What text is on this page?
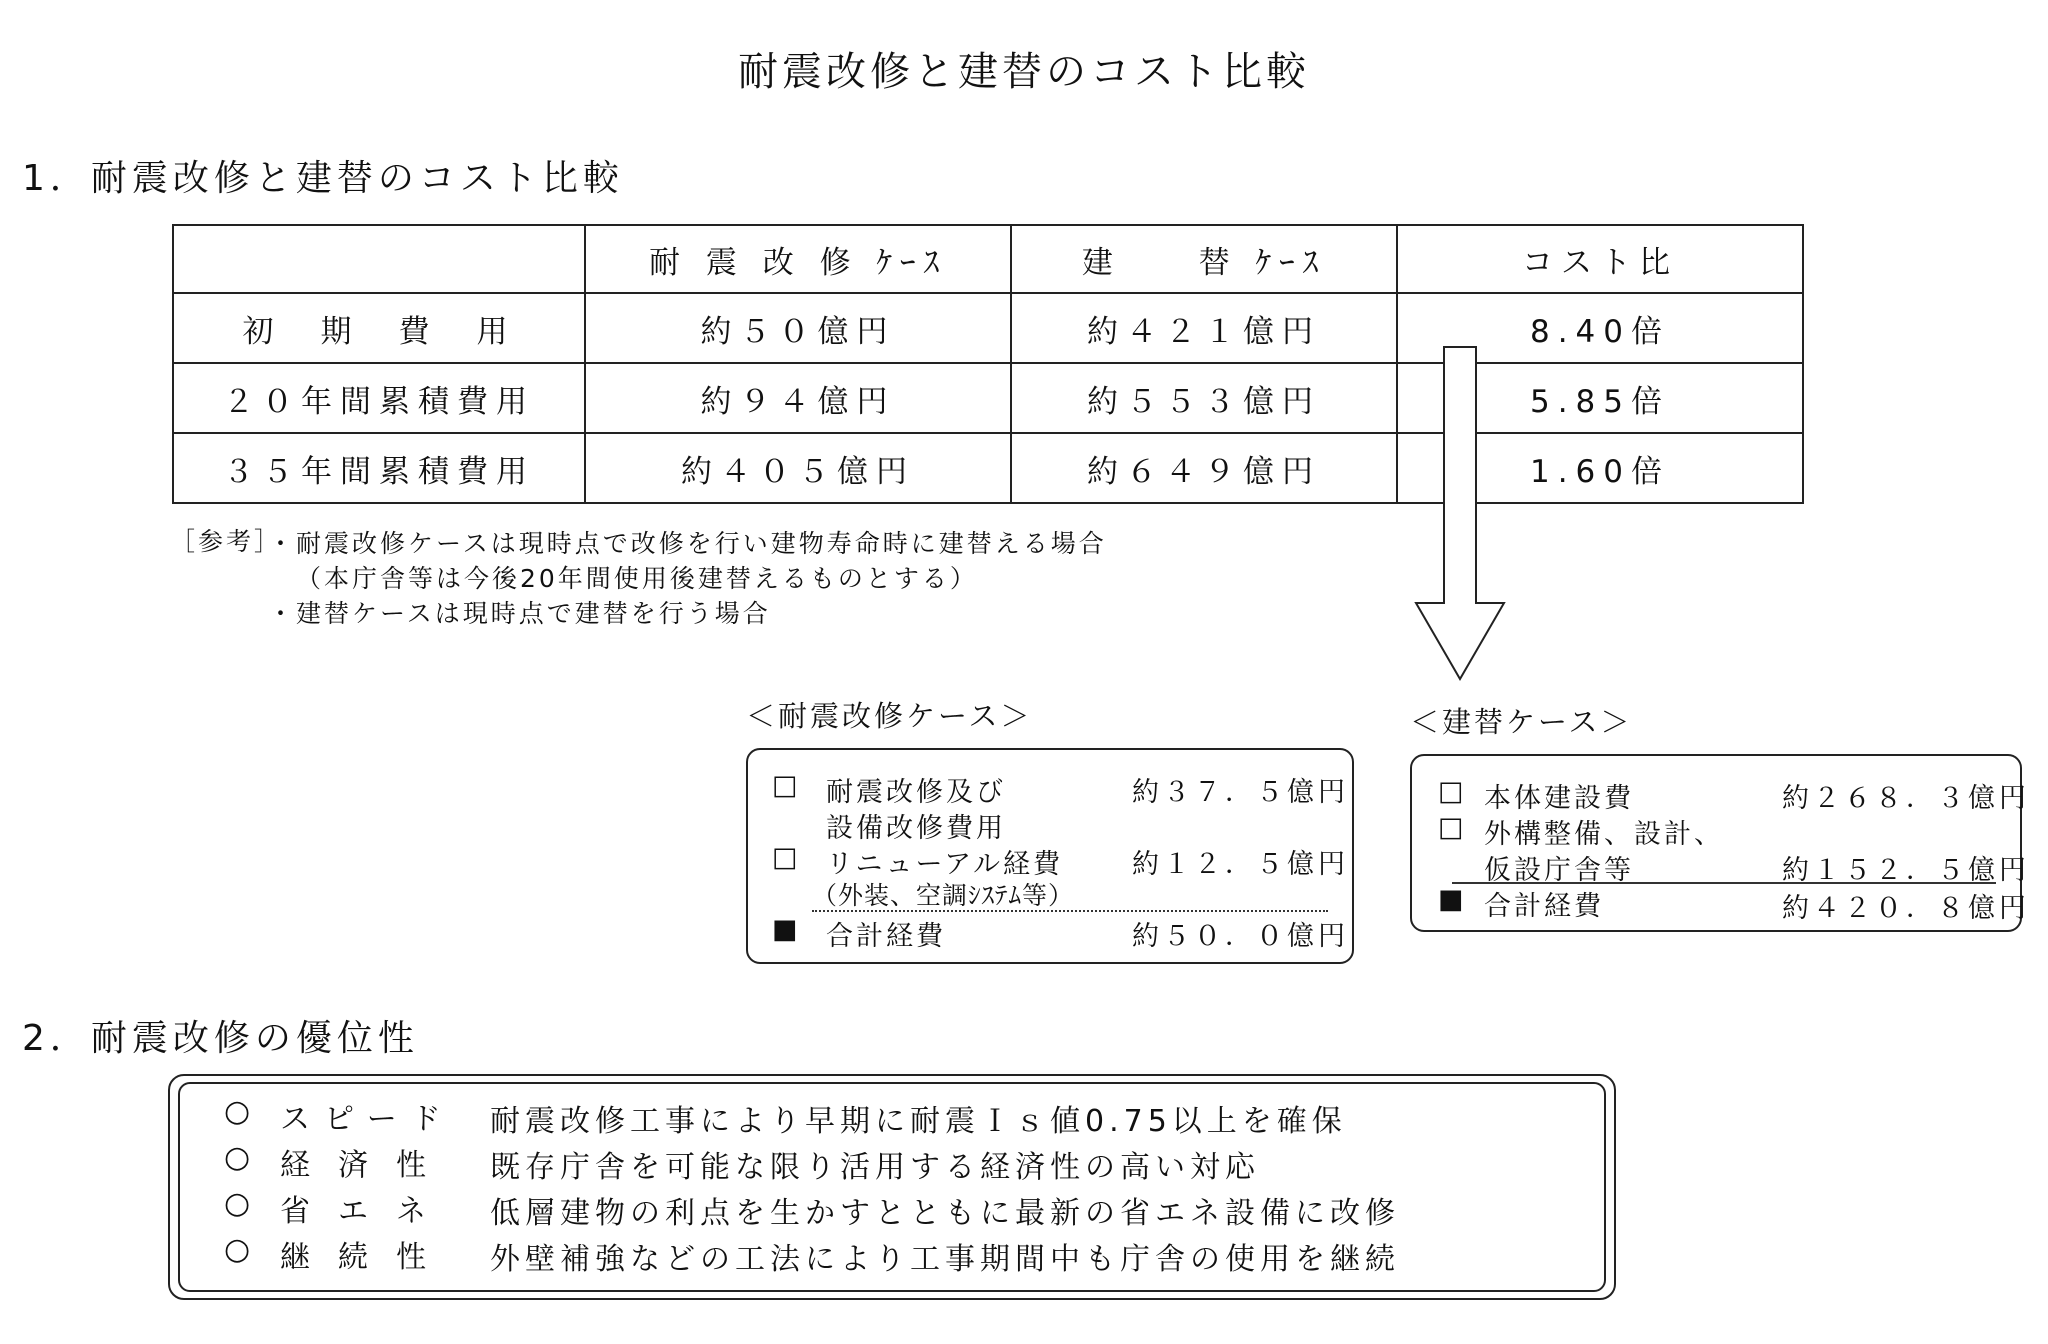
耐震改修と建替のコスト比較
1．耐震改修と建替のコスト比較
	耐 震 改 修 ｹｰｽ	建　　替 ｹｰｽ	コスト比
初　期　費　用	約５０億円	約４２１億円	8.40倍
２０年間累積費用	約９４億円	約５５３億円	5.85倍
３５年間累積費用	約４０５億円	約６４９億円	1.60倍
［参考］
・耐震改修ケースは現時点で改修を行い建物寿命時に建替える場合
（本庁舎等は今後20年間使用後建替えるものとする）
・建替ケースは現時点で建替を行う場合
＜耐震改修ケース＞
□ 耐震改修及び
設備改修費用
約３７．５億円
□ リニューアル経費
（外装、空調ｼｽﾃﾑ等）
約１２．５億円
■ 合計経費	約５０．０億円
＜建替ケース＞
□ 本体建設費	約２６８．３億円
□ 外構整備、設計、
仮設庁舎等	約１５２．５億円
■ 合計経費	約４２０．８億円
2．耐震改修の優位性
○ スピード 耐震改修工事により早期に耐震Ｉｓ値0.75以上を確保
○ 経済性 既存庁舎を可能な限り活用する経済性の高い対応
○ 省エネ 低層建物の利点を生かすとともに最新の省エネ設備に改修
○ 継続性 外壁補強などの工法により工事期間中も庁舎の使用を継続
